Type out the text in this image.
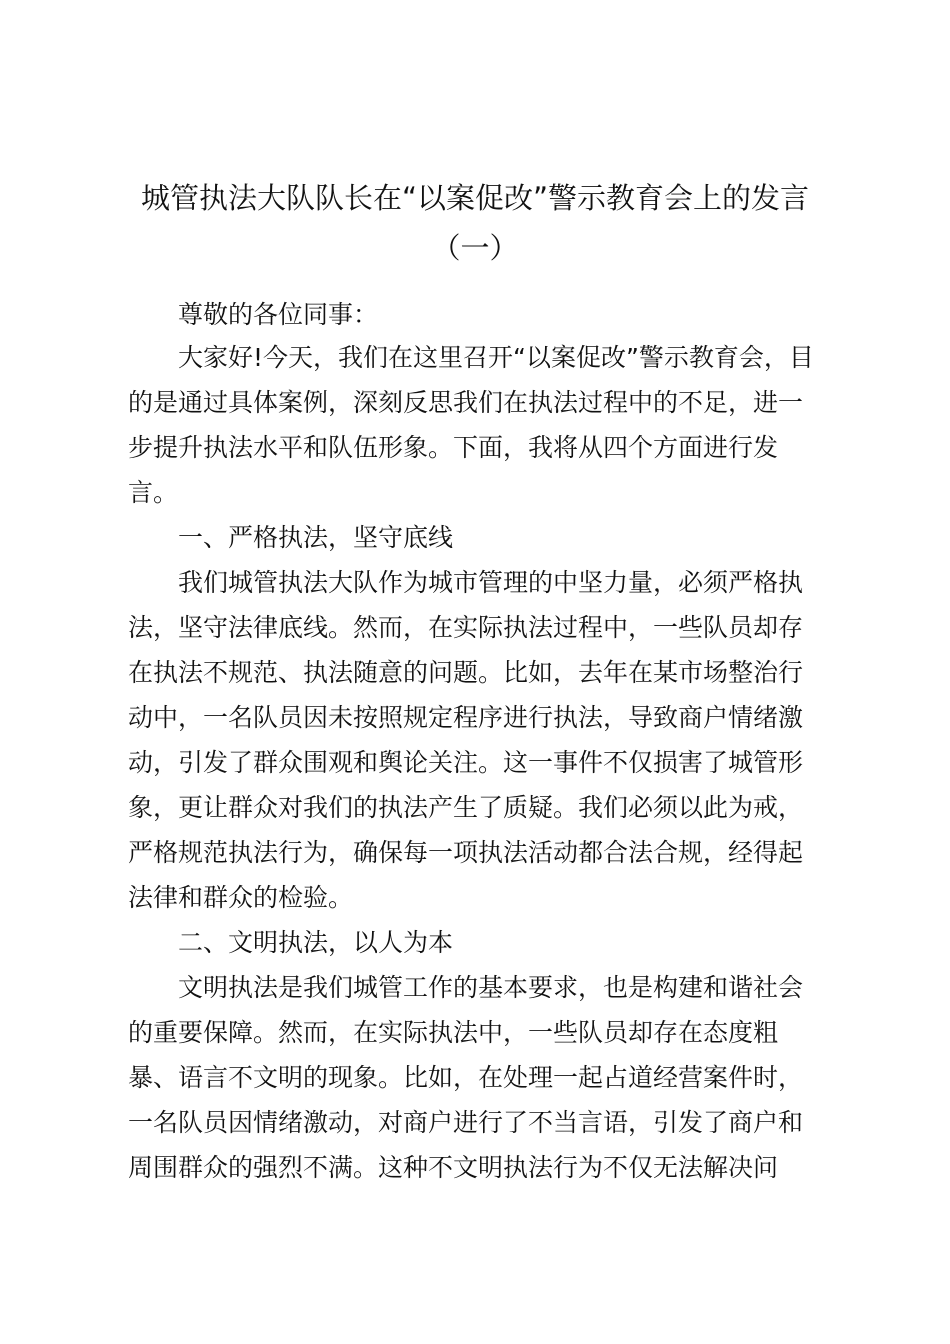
城管执法大队队长在“以案促改”警示教育会上的发言
（一）
尊敬的各位同事：
大家好!今天，我们在这里召开“以案促改”警示教育会，目
的是通过具体案例，深刻反思我们在执法过程中的不足，进一
步提升执法水平和队伍形象。下面，我将从四个方面进行发
言。
一、严格执法，坚守底线
我们城管执法大队作为城市管理的中坚力量，必须严格执
法，坚守法律底线。然而，在实际执法过程中，一些队员却存
在执法不规范、执法随意的问题。比如，去年在某市场整治行
动中，一名队员因未按照规定程序进行执法，导致商户情绪激
动，引发了群众围观和舆论关注。这一事件不仅损害了城管形
象，更让群众对我们的执法产生了质疑。我们必须以此为戒，
严格规范执法行为，确保每一项执法活动都合法合规，经得起
法律和群众的检验。
二、文明执法，以人为本
文明执法是我们城管工作的基本要求，也是构建和谐社会
的重要保障。然而，在实际执法中，一些队员却存在态度粗
暴、语言不文明的现象。比如，在处理一起占道经营案件时，
一名队员因情绪激动，对商户进行了不当言语，引发了商户和
周围群众的强烈不满。这种不文明执法行为不仅无法解决问
